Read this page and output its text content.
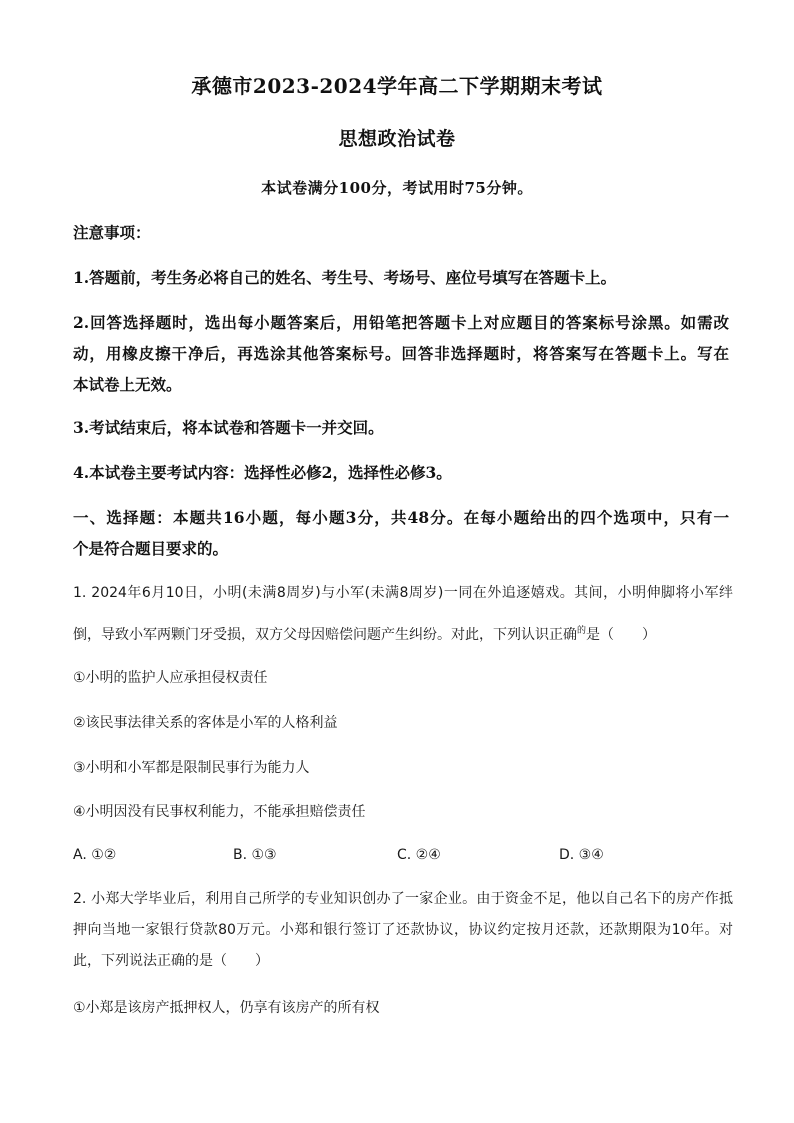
承德市2023-2024学年高二下学期期末考试
思想政治试卷
本试卷满分100分，考试用时75分钟。
注意事项：
1.答题前，考生务必将自己的姓名、考生号、考场号、座位号填写在答题卡上。
2.回答选择题时，选出每小题答案后，用铅笔把答题卡上对应题目的答案标号涂黑。如需改
动，用橡皮擦干净后，再选涂其他答案标号。回答非选择题时，将答案写在答题卡上。写在
本试卷上无效。
3.考试结束后，将本试卷和答题卡一并交回。
4.本试卷主要考试内容：选择性必修2，选择性必修3。
一、选择题：本题共16小题，每小题3分，共48分。在每小题给出的四个选项中，只有一
个是符合题目要求的。
1. 2024年6月10日，小明(未满8周岁)与小军(未满8周岁)一同在外追逐嬉戏。其间，小明伸脚将小军绊
倒，导致小军两颗门牙受损，双方父母因赔偿问题产生纠纷。对此，下列认识正确$^的$是（　　）
①小明的监护人应承担侵权责任
②该民事法律关系的客体是小军的人格利益
③小明和小军都是限制民事行为能力人
④小明因没有民事权利能力，不能承担赔偿责任
A. ①②	B. ①③	C. ②④	D. ③④
2. 小郑大学毕业后，利用自己所学的专业知识创办了一家企业。由于资金不足，他以自己名下的房产作抵
押向当地一家银行贷款80万元。小郑和银行签订了还款协议，协议约定按月还款，还款期限为10年。对
此，下列说法正确的是（　　）
①小郑是该房产抵押权人，仍享有该房产的所有权
